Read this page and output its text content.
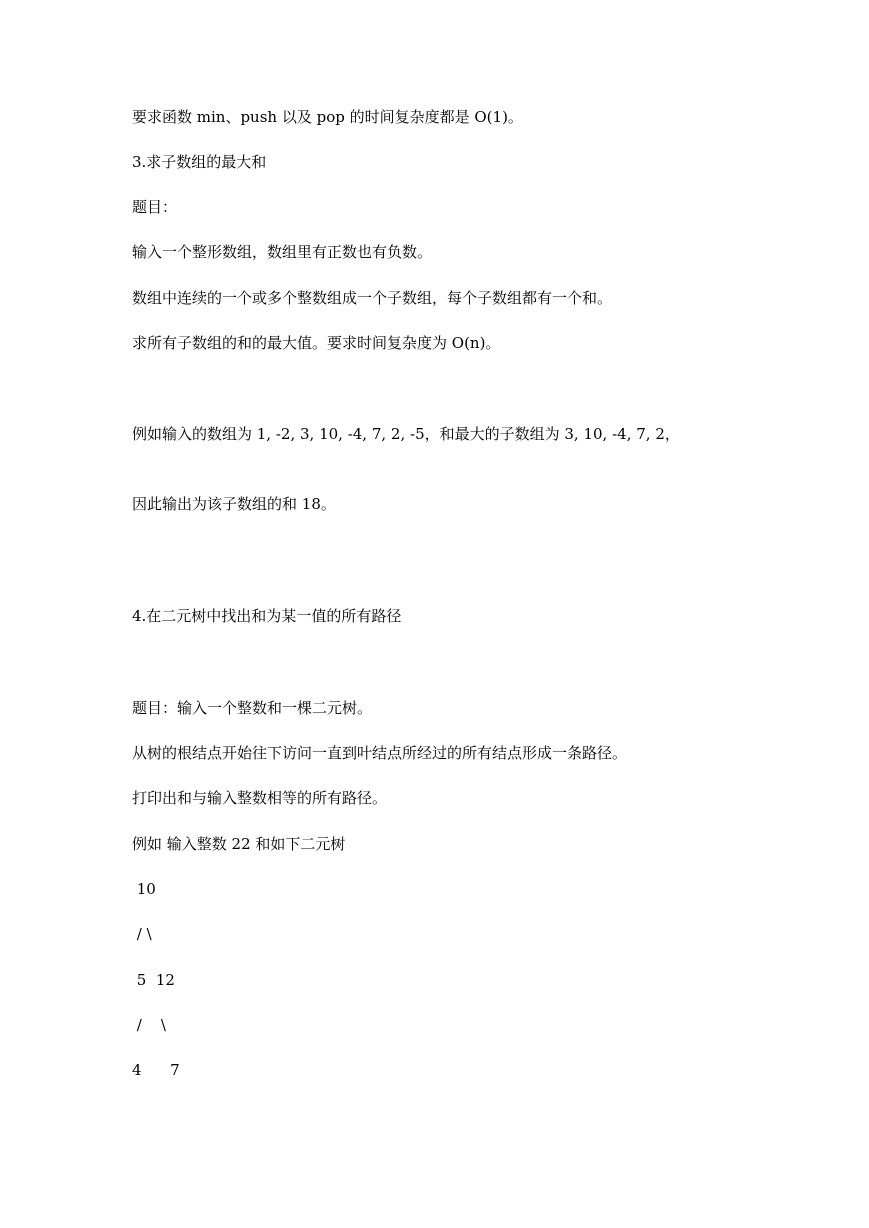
要求函数 min、push 以及 pop 的时间复杂度都是 O(1)。

3.求子数组的最大和

题目：

输入一个整形数组，数组里有正数也有负数。

数组中连续的一个或多个整数组成一个子数组，每个子数组都有一个和。

求所有子数组的和的最大值。要求时间复杂度为 O(n)。

例如输入的数组为 1, -2, 3, 10, -4, 7, 2, -5，和最大的子数组为 3, 10, -4, 7, 2，

因此输出为该子数组的和 18。

4.在二元树中找出和为某一值的所有路径

题目：输入一个整数和一棵二元树。

从树的根结点开始往下访问一直到叶结点所经过的所有结点形成一条路径。

打印出和与输入整数相等的所有路径。

例如 输入整数 22 和如下二元树

10

/ \

5  12

/    \

4      7
